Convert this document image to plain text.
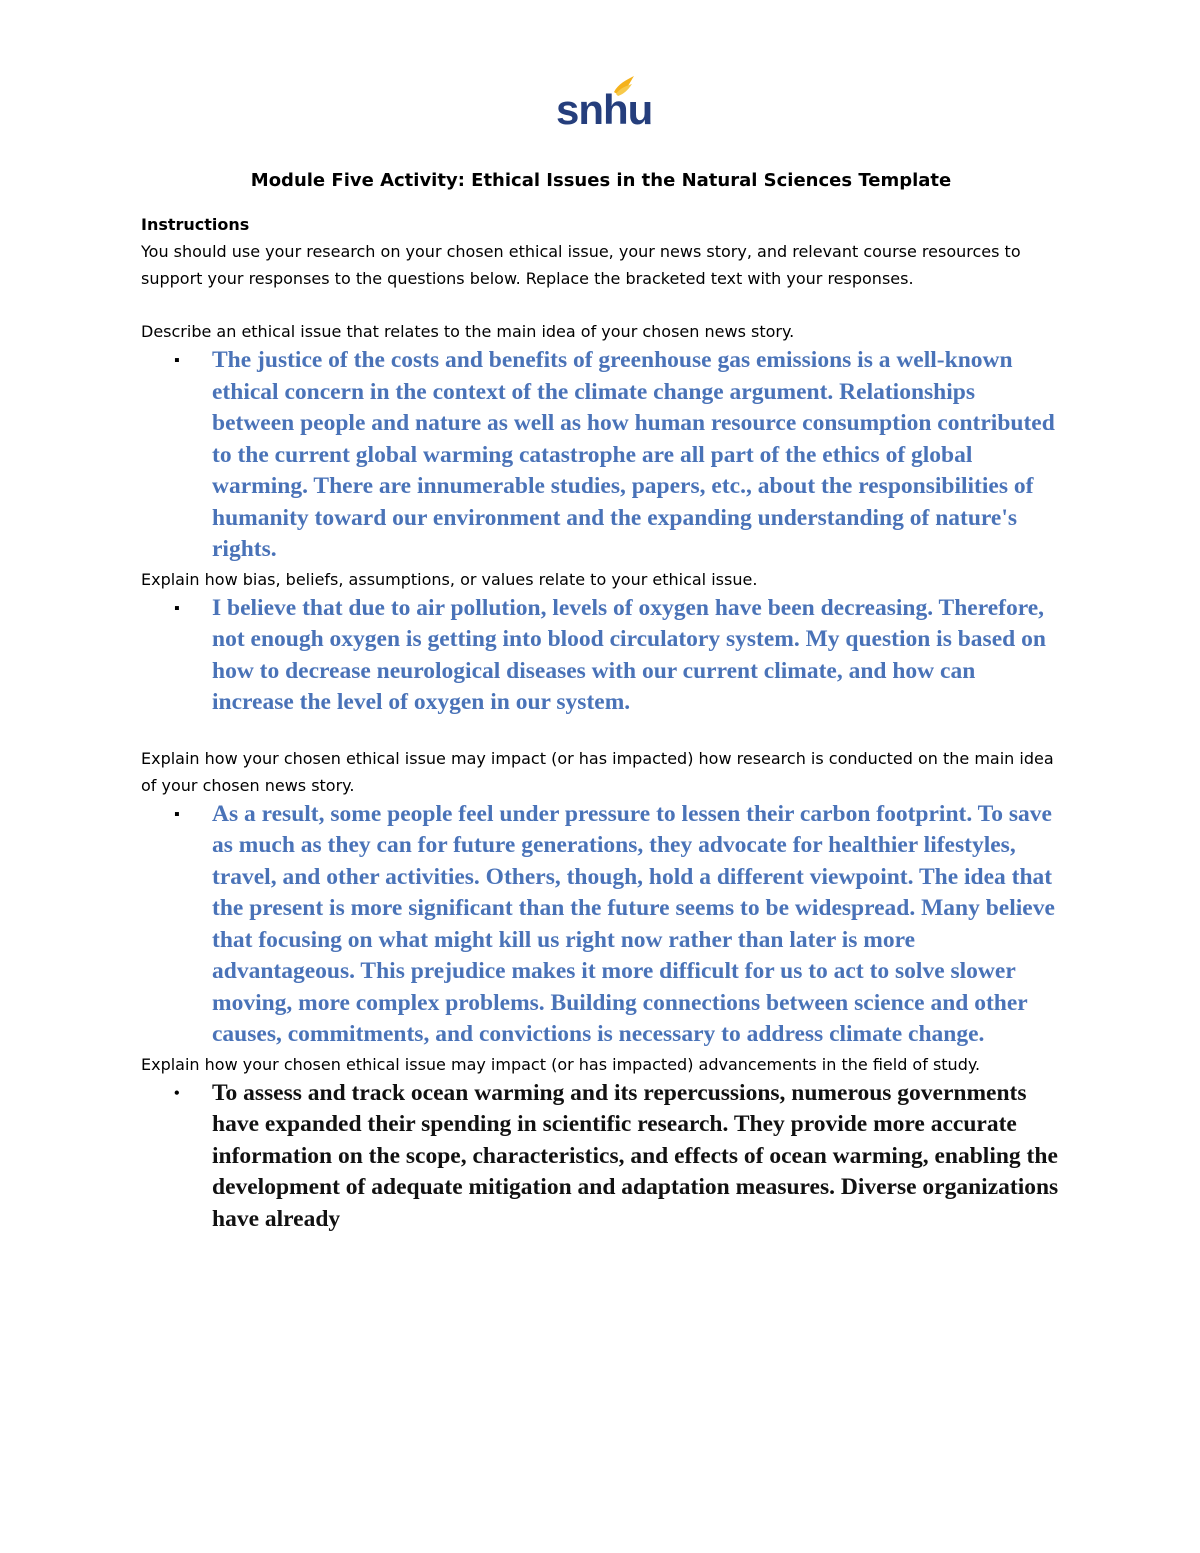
snhu

Module Five Activity: Ethical Issues in the Natural Sciences Template

Instructions

You should use your research on your chosen ethical issue, your news story, and relevant course resources to support your responses to the questions below. Replace the bracketed text with your responses.

Describe an ethical issue that relates to the main idea of your chosen news story.

▪ The justice of the costs and benefits of greenhouse gas emissions is a well-known ethical concern in the context of the climate change argument. Relationships between people and nature as well as how human resource consumption contributed to the current global warming catastrophe are all part of the ethics of global warming. There are innumerable studies, papers, etc., about the responsibilities of humanity toward our environment and the expanding understanding of nature's rights.

Explain how bias, beliefs, assumptions, or values relate to your ethical issue.

▪ I believe that due to air pollution, levels of oxygen have been decreasing. Therefore, not enough oxygen is getting into blood circulatory system. My question is based on how to decrease neurological diseases with our current climate, and how can increase the level of oxygen in our system.

Explain how your chosen ethical issue may impact (or has impacted) how research is conducted on the main idea of your chosen news story.

▪ As a result, some people feel under pressure to lessen their carbon footprint. To save as much as they can for future generations, they advocate for healthier lifestyles, travel, and other activities. Others, though, hold a different viewpoint. The idea that the present is more significant than the future seems to be widespread. Many believe that focusing on what might kill us right now rather than later is more advantageous. This prejudice makes it more difficult for us to act to solve slower moving, more complex problems. Building connections between science and other causes, commitments, and convictions is necessary to address climate change.

Explain how your chosen ethical issue may impact (or has impacted) advancements in the field of study.

• To assess and track ocean warming and its repercussions, numerous governments have expanded their spending in scientific research. They provide more accurate information on the scope, characteristics, and effects of ocean warming, enabling the development of adequate mitigation and adaptation measures. Diverse organizations have already
